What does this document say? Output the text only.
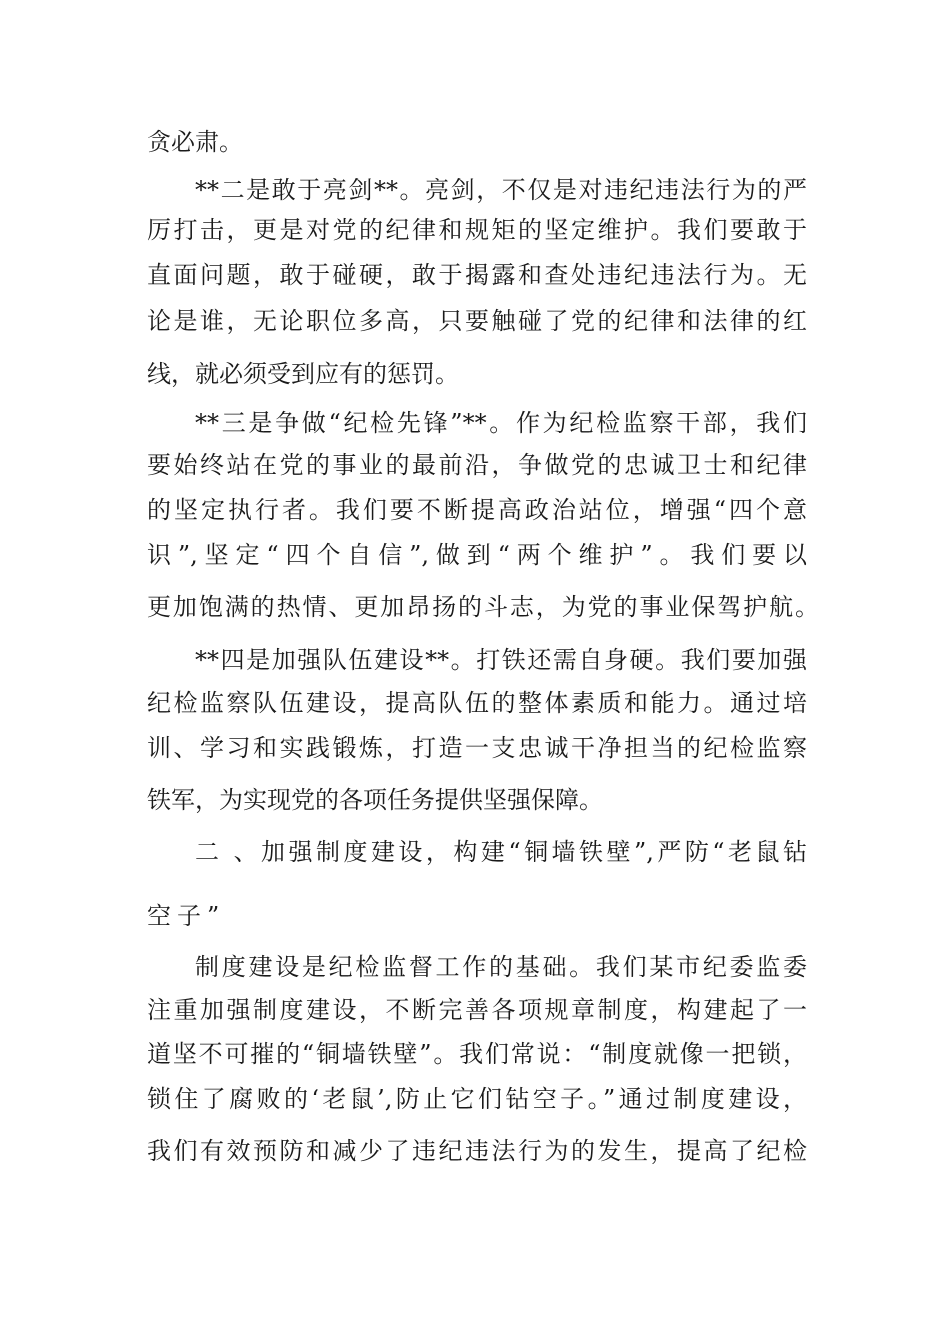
贪必肃。
**二是敢于亮剑**。亮剑，不仅是对违纪违法行为的严
厉打击，更是对党的纪律和规矩的坚定维护。我们要敢于
直面问题，敢于碰硬，敢于揭露和查处违纪违法行为。无
论是谁，无论职位多高，只要触碰了党的纪律和法律的红
线，就必须受到应有的惩罚。
**三是争做“纪检先锋”**。作为纪检监察干部，我们
要始终站在党的事业的最前沿，争做党的忠诚卫士和纪律
的坚定执行者。我们要不断提高政治站位，增强“四个意
识”,坚定“四个自信”,做到“两个维护”。我们要以
更加饱满的热情、更加昂扬的斗志，为党的事业保驾护航。
**四是加强队伍建设**。打铁还需自身硬。我们要加强
纪检监察队伍建设，提高队伍的整体素质和能力。通过培
训、学习和实践锻炼，打造一支忠诚干净担当的纪检监察
铁军，为实现党的各项任务提供坚强保障。
二 、加强制度建设，构建“铜墙铁壁”,严防“老鼠钻
空子”
制度建设是纪检监督工作的基础。我们某市纪委监委
注重加强制度建设，不断完善各项规章制度，构建起了一
道坚不可摧的“铜墙铁壁”。我们常说：“制度就像一把锁，
锁住了腐败的‘老鼠’,防止它们钻空子。”通过制度建设，
我们有效预防和减少了违纪违法行为的发生，提高了纪检
